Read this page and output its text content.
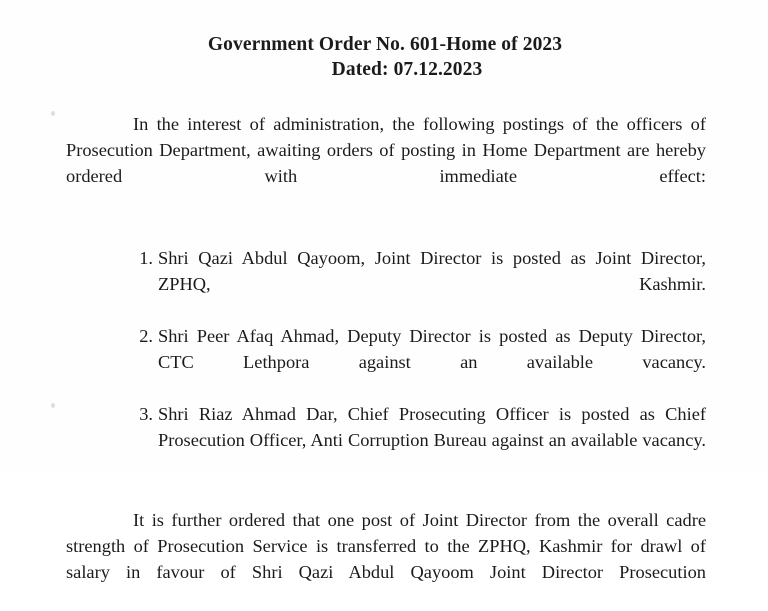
Government Order No. 601-Home of 2023
Dated: 07.12.2023

In the interest of administration, the following postings of the officers of Prosecution Department, awaiting orders of posting in Home Department are hereby ordered with immediate effect:

1. Shri Qazi Abdul Qayoom, Joint Director is posted as Joint Director, ZPHQ, Kashmir.
2. Shri Peer Afaq Ahmad, Deputy Director is posted as Deputy Director, CTC Lethpora against an available vacancy.
3. Shri Riaz Ahmad Dar, Chief Prosecuting Officer is posted as Chief Prosecution Officer, Anti Corruption Bureau against an available vacancy.

It is further ordered that one post of Joint Director from the overall cadre strength of Prosecution Service is transferred to the ZPHQ, Kashmir for drawl of salary in favour of Shri Qazi Abdul Qayoom Joint Director Prosecution
